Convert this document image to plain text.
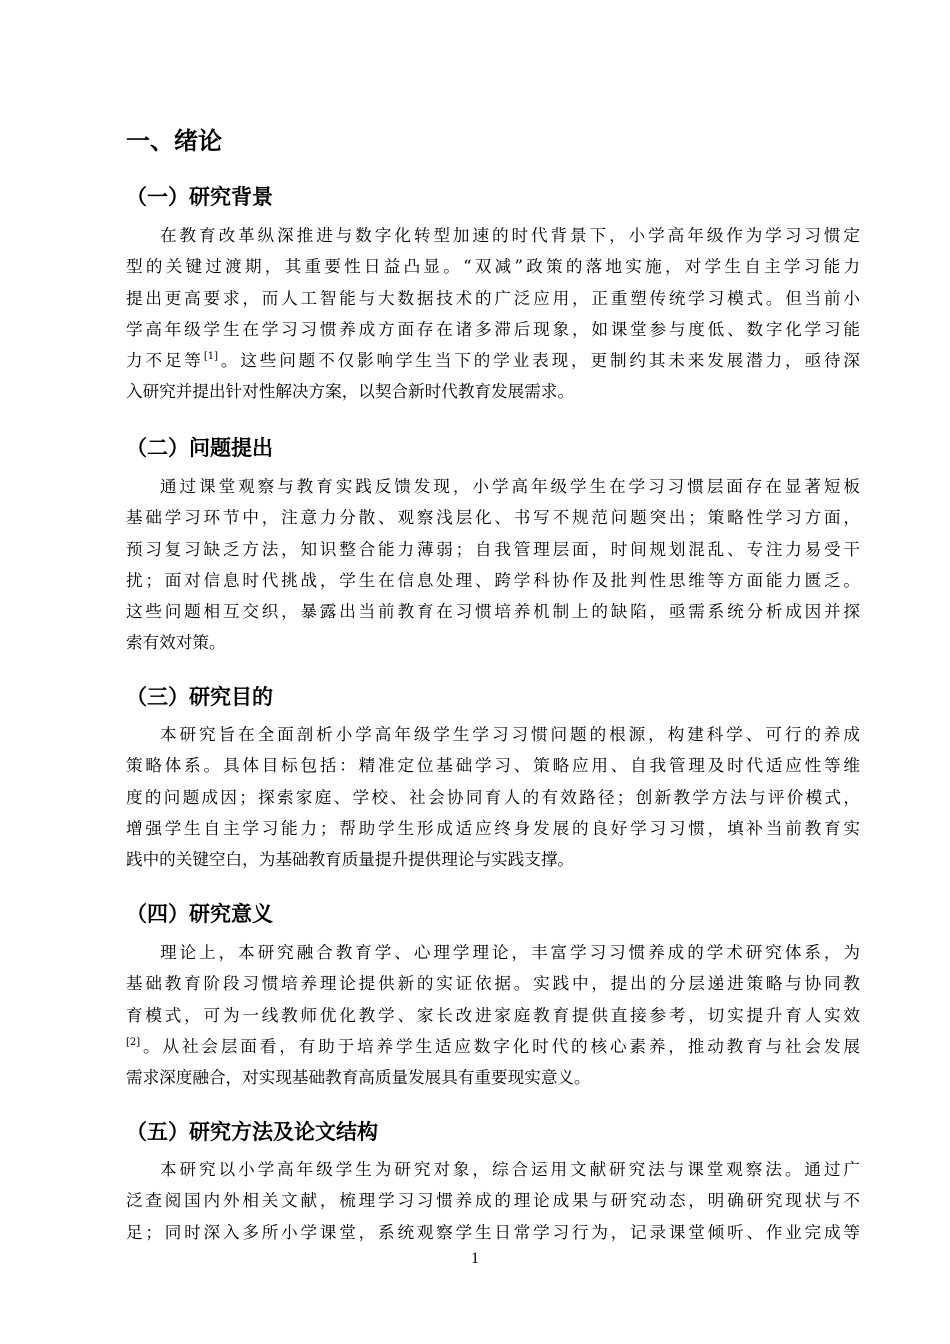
一、绪论
（一）研究背景
在教育改革纵深推进与数字化转型加速的时代背景下，小学高年级作为学习习惯定
型的关键过渡期，其重要性日益凸显。“双减”政策的落地实施，对学生自主学习能力
提出更高要求，而人工智能与大数据技术的广泛应用，正重塑传统学习模式。但当前小
学高年级学生在学习习惯养成方面存在诸多滞后现象，如课堂参与度低、数字化学习能
力不足等[1]。这些问题不仅影响学生当下的学业表现，更制约其未来发展潜力，亟待深
入研究并提出针对性解决方案，以契合新时代教育发展需求。
（二）问题提出
通过课堂观察与教育实践反馈发现，小学高年级学生在学习习惯层面存在显著短板
基础学习环节中，注意力分散、观察浅层化、书写不规范问题突出；策略性学习方面，
预习复习缺乏方法，知识整合能力薄弱；自我管理层面，时间规划混乱、专注力易受干
扰；面对信息时代挑战，学生在信息处理、跨学科协作及批判性思维等方面能力匮乏。
这些问题相互交织，暴露出当前教育在习惯培养机制上的缺陷，亟需系统分析成因并探
索有效对策。
（三）研究目的
本研究旨在全面剖析小学高年级学生学习习惯问题的根源，构建科学、可行的养成
策略体系。具体目标包括：精准定位基础学习、策略应用、自我管理及时代适应性等维
度的问题成因；探索家庭、学校、社会协同育人的有效路径；创新教学方法与评价模式，
增强学生自主学习能力；帮助学生形成适应终身发展的良好学习习惯，填补当前教育实
践中的关键空白，为基础教育质量提升提供理论与实践支撑。
（四）研究意义
理论上，本研究融合教育学、心理学理论，丰富学习习惯养成的学术研究体系，为
基础教育阶段习惯培养理论提供新的实证依据。实践中，提出的分层递进策略与协同教
育模式，可为一线教师优化教学、家长改进家庭教育提供直接参考，切实提升育人实效
[2]。从社会层面看，有助于培养学生适应数字化时代的核心素养，推动教育与社会发展
需求深度融合，对实现基础教育高质量发展具有重要现实意义。
（五）研究方法及论文结构
本研究以小学高年级学生为研究对象，综合运用文献研究法与课堂观察法。通过广
泛查阅国内外相关文献，梳理学习习惯养成的理论成果与研究动态，明确研究现状与不
足；同时深入多所小学课堂，系统观察学生日常学习行为，记录课堂倾听、作业完成等
1
